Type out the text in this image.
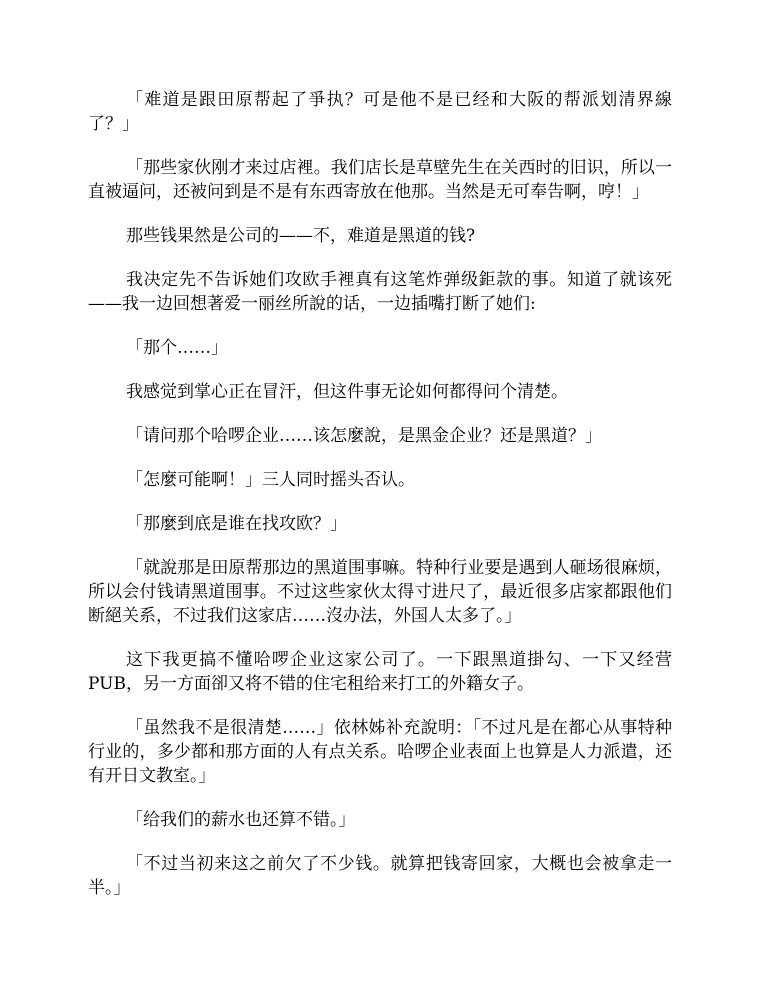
「难道是跟田原帮起了爭执？可是他不是已经和大阪的帮派划清界線了？」

「那些家伙刚才来过店裡。我们店长是草壁先生在关西时的旧识，所以一直被逼问，还被问到是不是有东西寄放在他那。当然是无可奉告啊，哼！」

那些钱果然是公司的——不，难道是黑道的钱?

我决定先不告诉她们攻欧手裡真有这笔炸弹级鉅款的事。知道了就该死——我一边回想著爱一丽丝所說的话，一边插嘴打断了她们:

「那个……」

我感觉到掌心正在冒汗，但这件事无论如何都得问个清楚。

「请问那个哈啰企业……该怎麼說，是黑金企业？还是黑道？」

「怎麼可能啊！」三人同时摇头否认。

「那麼到底是谁在找攻欧？」

「就說那是田原帮那边的黑道围事嘛。特种行业要是遇到人砸场很麻烦，所以会付钱请黑道围事。不过这些家伙太得寸进尺了，最近很多店家都跟他们断絕关系，不过我们这家店……沒办法，外国人太多了。」

这下我更搞不懂哈啰企业这家公司了。一下跟黑道掛勾、一下又经营PUB，另一方面卻又将不错的住宅租给来打工的外籍女子。

「虽然我不是很清楚……」依林姊补充說明：「不过凡是在都心从事特种行业的，多少都和那方面的人有点关系。哈啰企业表面上也算是人力派遣，还有开日文教室。」

「给我们的薪水也还算不错。」

「不过当初来这之前欠了不少钱。就算把钱寄回家，大概也会被拿走一半。」
